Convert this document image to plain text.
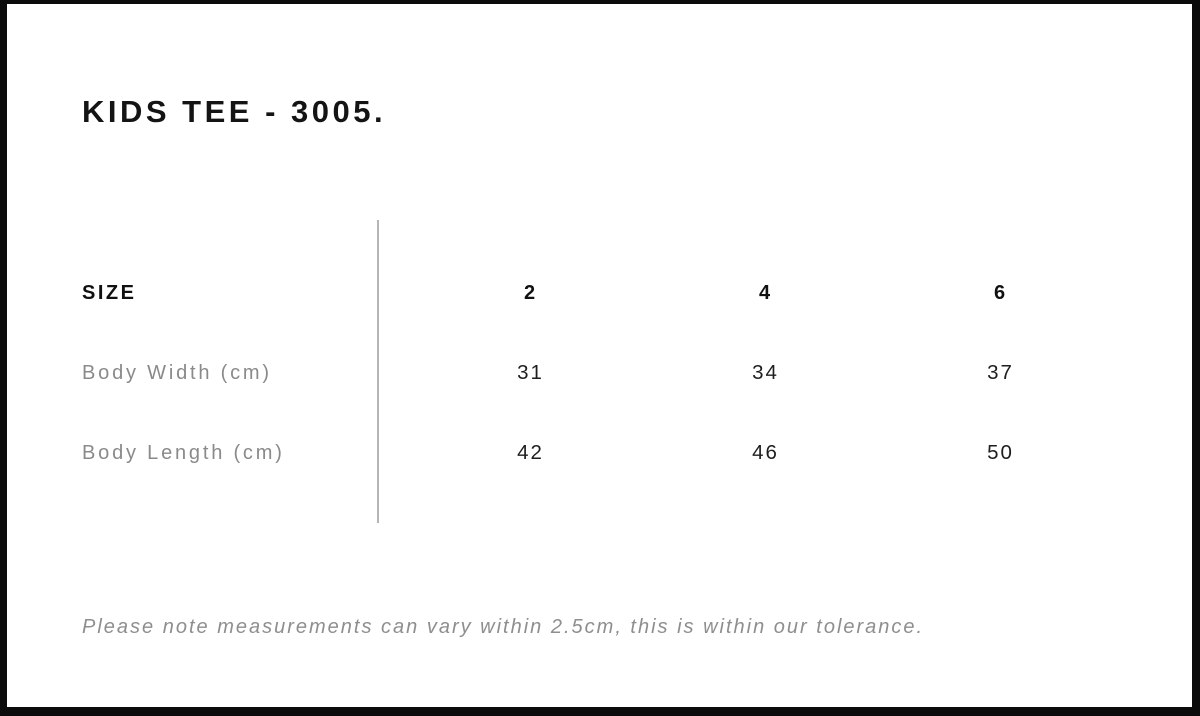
KIDS TEE - 3005.
SIZE	2	4	6
Body Width (cm)	31	34	37
Body Length (cm)	42	46	50

Please note measurements can vary within 2.5cm, this is within our tolerance.
